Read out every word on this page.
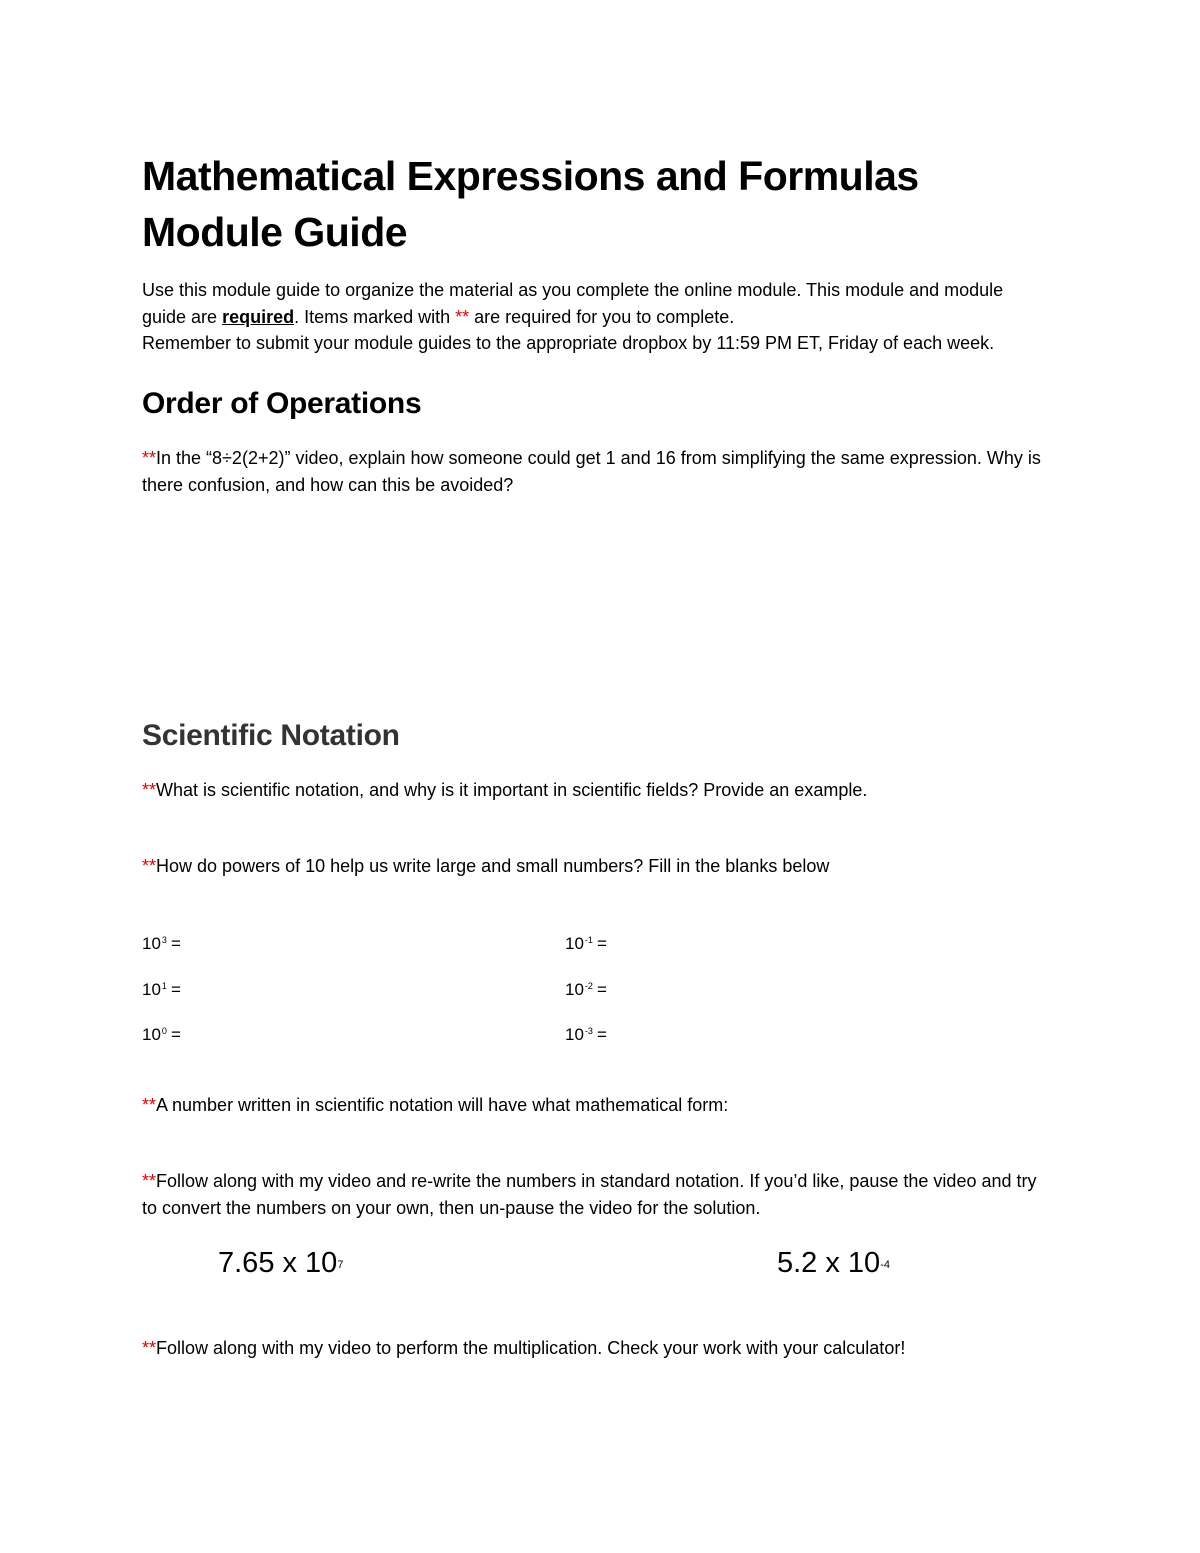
Mathematical Expressions and Formulas
Module Guide
Use this module guide to organize the material as you complete the online module. This module and module guide are required. Items marked with ** are required for you to complete.
Remember to submit your module guides to the appropriate dropbox by 11:59 PM ET, Friday of each week.
Order of Operations
**In the “8÷2(2+2)” video, explain how someone could get 1 and 16 from simplifying the same expression. Why is there confusion, and how can this be avoided?
Scientific Notation
**What is scientific notation, and why is it important in scientific fields? Provide an example.
**How do powers of 10 help us write large and small numbers? Fill in the blanks below
$10^3$ =	$10^{-1}$ =
$10^1$ =	$10^{-2}$ =
$10^0$ =	$10^{-3}$ =
**A number written in scientific notation will have what mathematical form:
**Follow along with my video and re-write the numbers in standard notation. If you’d like, pause the video and try to convert the numbers on your own, then un-pause the video for the solution.
7.65 x $10^7$	5.2 x $10^{-4}$
**Follow along with my video to perform the multiplication. Check your work with your calculator!
